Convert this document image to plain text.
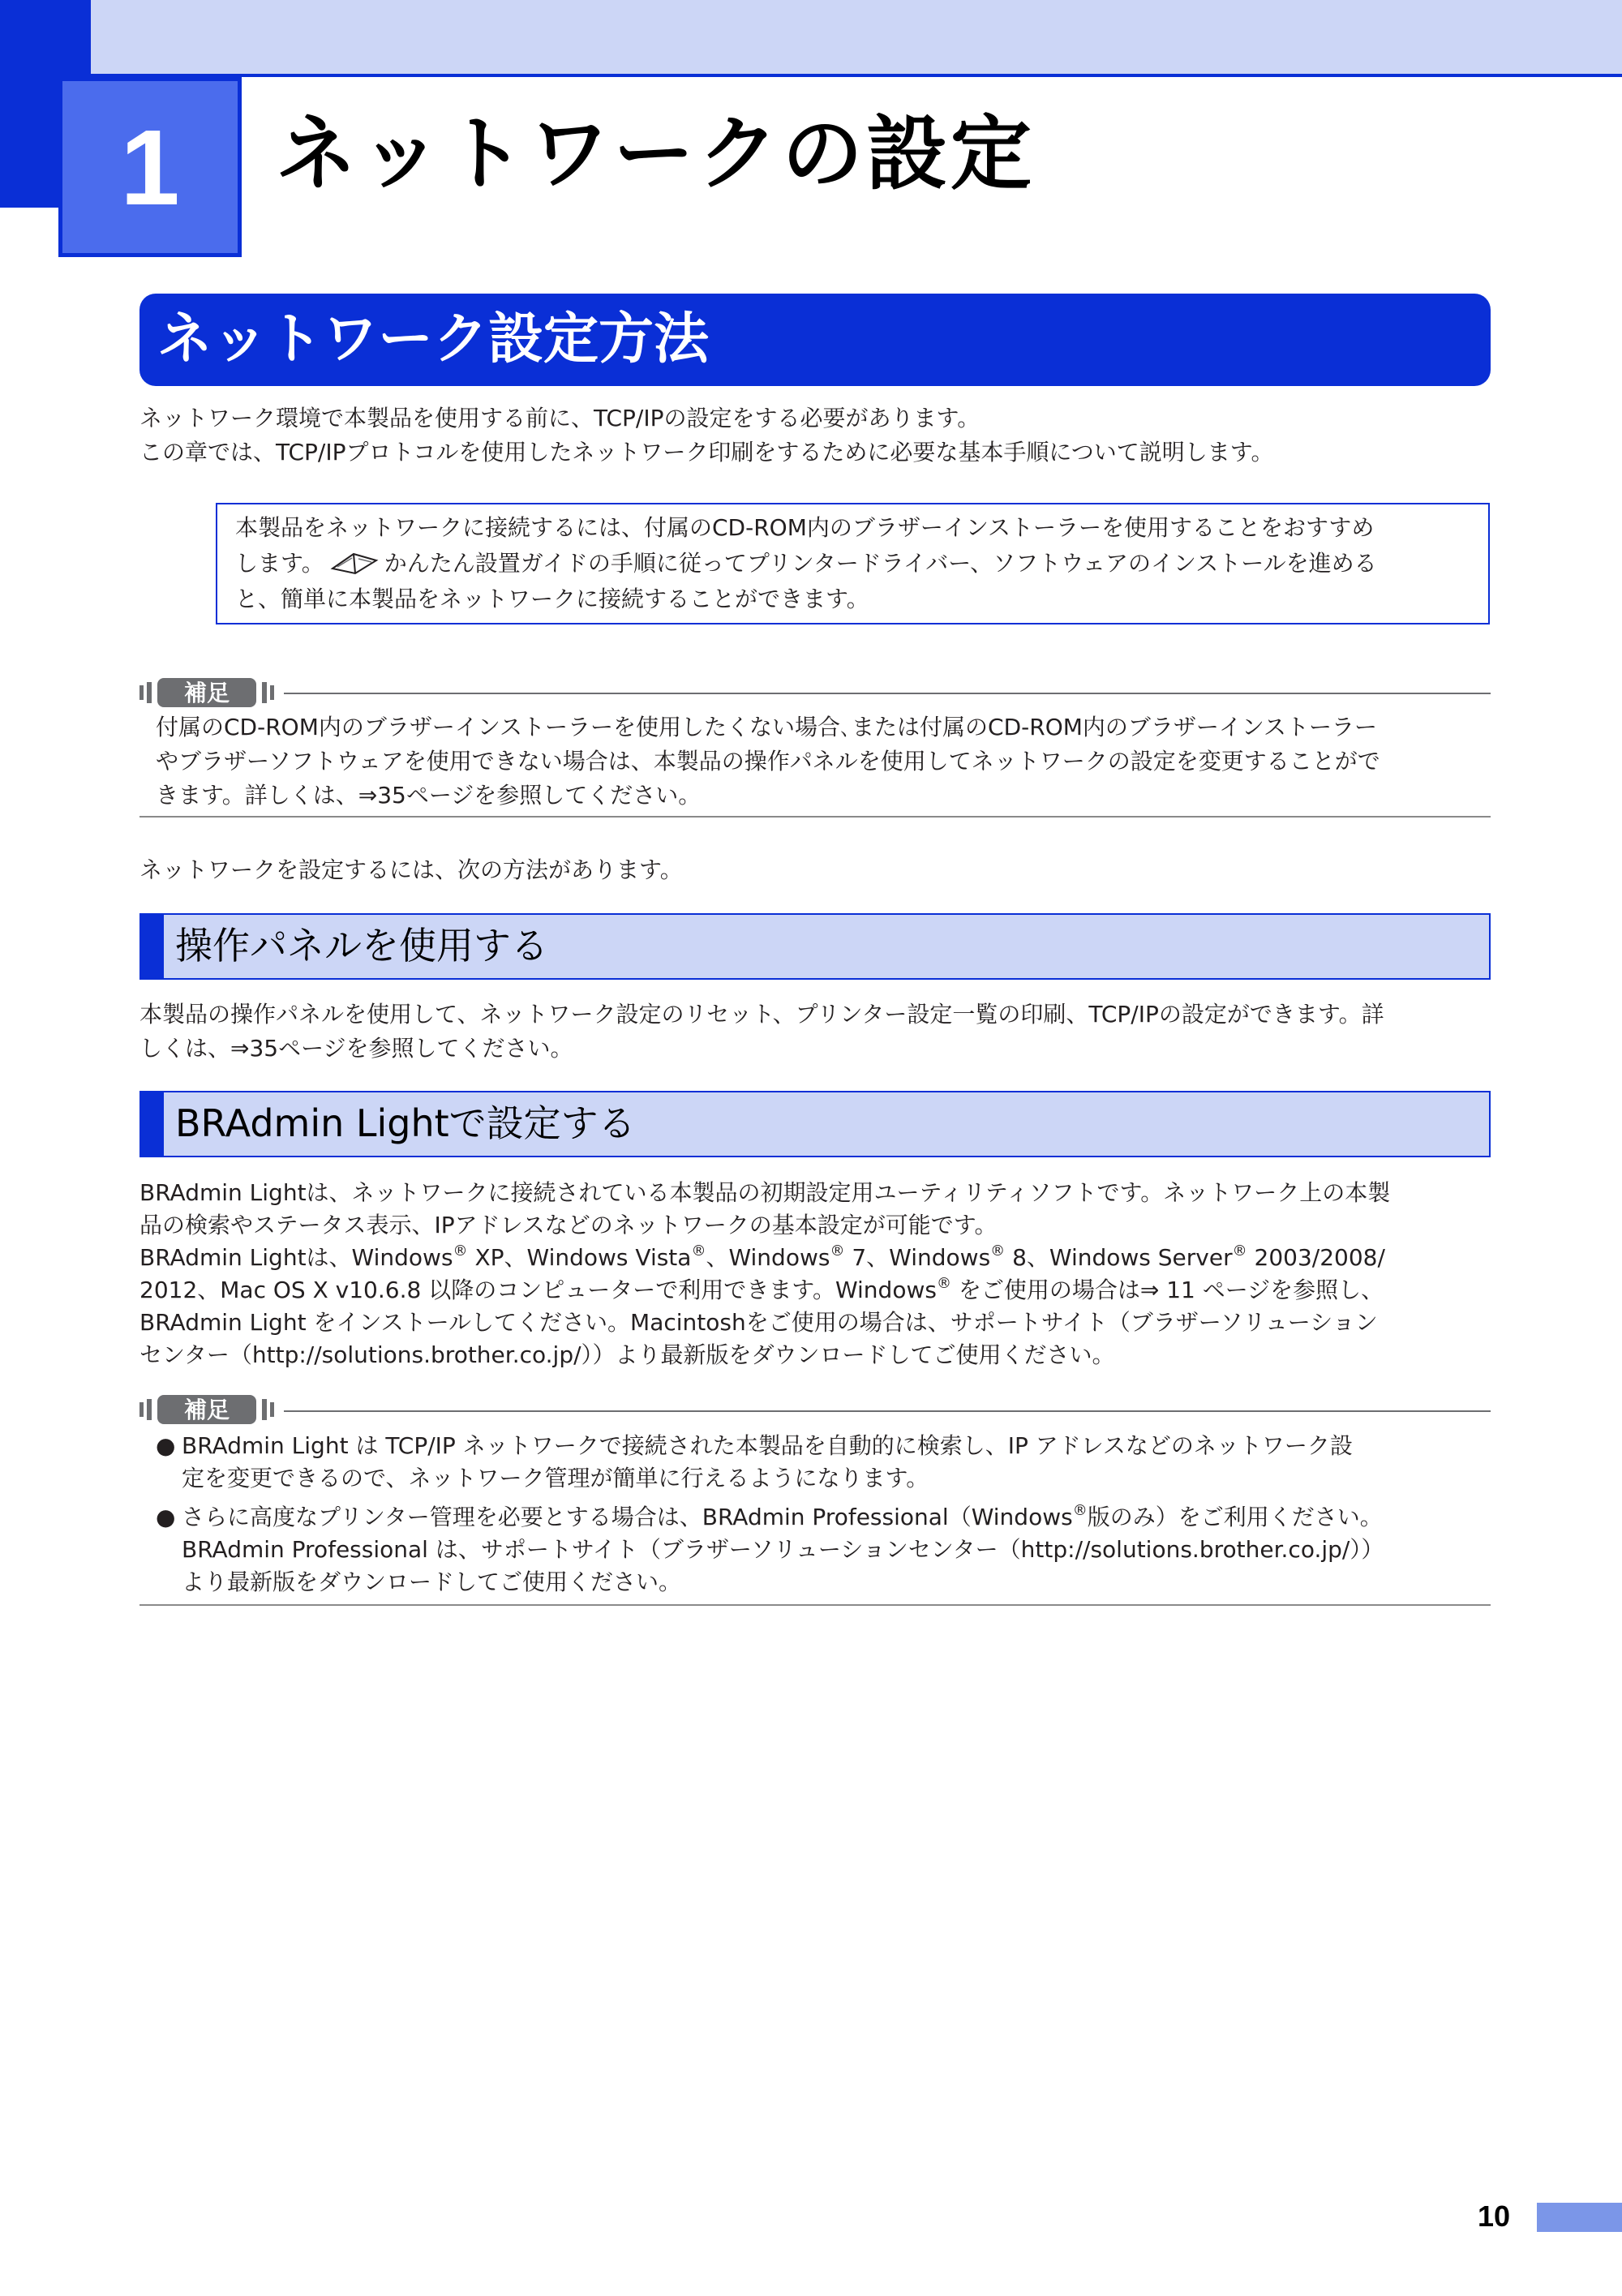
1 ネットワークの設定
ネットワーク設定方法
ネットワーク環境で本製品を使用する前に、TCP/IPの設定をする必要があります。
この章では、TCP/IPプロトコルを使用したネットワーク印刷をするために必要な基本手順について説明します。
本製品をネットワークに接続するには、付属のCD-ROM内のブラザーインストーラーを使用することをおすすめ
します。	かんたん設置ガイドの手順に従ってプリンタードライバー、ソフトウェアのインストールを進める
と、簡単に本製品をネットワークに接続することができます。
補足
付属のCD-ROM内のブラザーインストーラーを使用したくない場合､または付属のCD-ROM内のブラザーインストーラー
やブラザーソフトウェアを使用できない場合は、本製品の操作パネルを使用してネットワークの設定を変更することがで
きます。詳しくは、⇒35ページを参照してください。
ネットワークを設定するには、次の方法があります。
操作パネルを使用する
本製品の操作パネルを使用して、ネットワーク設定のリセット、プリンター設定一覧の印刷、TCP/IPの設定ができます。詳
しくは、⇒35ページを参照してください。
BRAdmin Lightで設定する
BRAdmin Lightは、ネットワークに接続されている本製品の初期設定用ユーティリティソフトです。ネットワーク上の本製
品の検索やステータス表示、IPアドレスなどのネットワークの基本設定が可能です。
BRAdmin Lightは、Windows® XP、Windows Vista®、Windows® 7、Windows® 8、Windows Server® 2003/2008/
2012、Mac OS X v10.6.8 以降のコンピューターで利用できます。Windows® をご使用の場合は⇒ 11 ページを参照し、
BRAdmin Light をインストールしてください。Macintoshをご使用の場合は、サポートサイト（ブラザーソリューション
センター（http://solutions.brother.co.jp/））より最新版をダウンロードしてご使用ください。
補足
● BRAdmin Light は TCP/IP ネットワークで接続された本製品を自動的に検索し、IP アドレスなどのネットワーク設
定を変更できるので、ネットワーク管理が簡単に行えるようになります。
● さらに高度なプリンター管理を必要とする場合は、BRAdmin Professional（Windows®版のみ）をご利用ください。
BRAdmin Professional は、サポートサイト（ブラザーソリューションセンター（http://solutions.brother.co.jp/））
より最新版をダウンロードしてご使用ください。
10
